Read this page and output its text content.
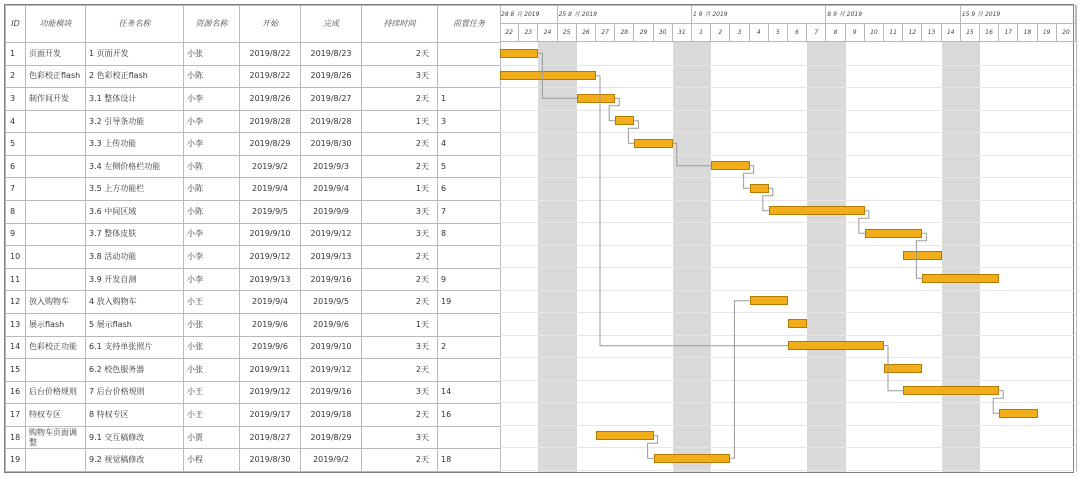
ID	功能模块	任务名称	资源名称	开始	完成	持续时间	前置任务
1	页面开发	1 页面开发	小张	2019/8/22	2019/8/23	2天	
2	色彩校正flash	2 色彩校正flash	小陈	2019/8/22	2019/8/26	3天	
3	制作间开发	3.1 整体设计	小李	2019/8/26	2019/8/27	2天	1
4		3.2 引导条功能	小李	2019/8/28	2019/8/28	1天	3
5		3.3 上传功能	小李	2019/8/29	2019/8/30	2天	4
6		3.4 左侧价格栏功能	小陈	2019/9/2	2019/9/3	2天	5
7		3.5 上方功能栏	小陈	2019/9/4	2019/9/4	1天	6
8		3.6 中间区域	小陈	2019/9/5	2019/9/9	3天	7
9		3.7 整体皮肤	小李	2019/9/10	2019/9/12	3天	8
10		3.8 活动功能	小李	2019/9/12	2019/9/13	2天	
11		3.9 开发自测	小李	2019/9/13	2019/9/16	2天	9
12	放入购物车	4 放入购物车	小王	2019/9/4	2019/9/5	2天	19
13	展示flash	5 展示flash	小张	2019/9/6	2019/9/6	1天	
14	色彩校正功能	6.1 支持单张照片	小张	2019/9/6	2019/9/10	3天	2
15		6.2 校色服务器	小张	2019/9/11	2019/9/12	2天	
16	后台价格规则	7 后台价格规则	小王	2019/9/12	2019/9/16	3天	14
17	特权专区	8 特权专区	小王	2019/9/17	2019/9/18	2天	16
18	购物车页面调整	9.1 交互稿修改	小贾	2019/8/27	2019/8/29	3天	
19		9.2 视觉稿修改	小程	2019/8/30	2019/9/2	2天	18
28 8 月 2019	25 8 月 2019	1 9 月 2019	8 9 月 2019	15 9 月 2019
22	23	24	25	26	27	28	29	30	31	1	2	3	4	5	6	7	8	9	10	11	12	13	14	15	16	17	18	19	20
